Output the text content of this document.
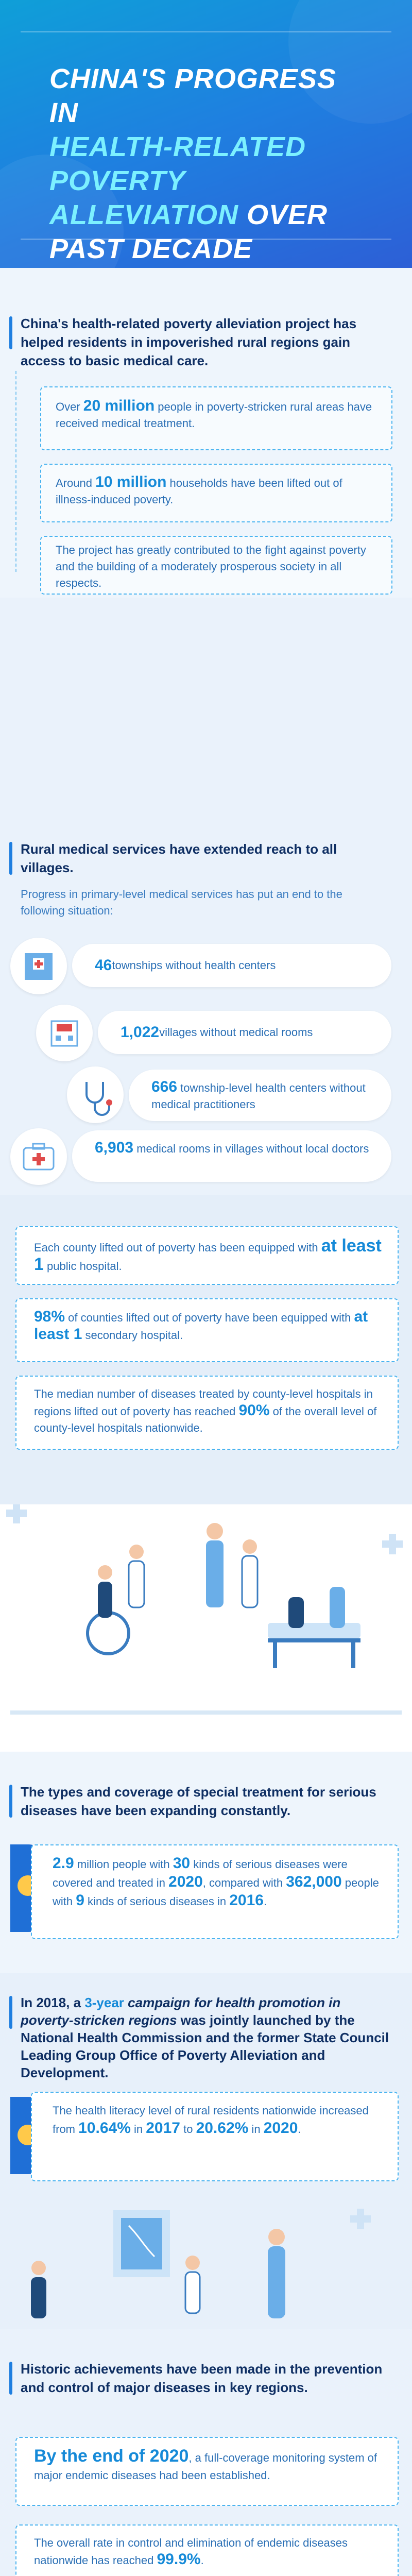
CHINA'S PROGRESS IN
HEALTH-RELATED POVERTY
ALLEVIATION OVER
PAST DECADE
China's health-related poverty alleviation project has helped residents in impoverished rural regions gain access to basic medical care.
Over 20 million people in poverty-stricken rural areas have received medical treatment.
Around 10 million households have been lifted out of illness-induced poverty.
The project has greatly contributed to the fight against poverty and the building of a moderately prosperous society in all respects.
Rural medical services have extended reach to all villages.
Progress in primary-level medical services has put an end to the following situation:
46 townships without health centers
1,022 villages without medical rooms
666 township-level health centers without medical practitioners
6,903 medical rooms in villages without local doctors
Each county lifted out of poverty has been equipped with at least 1 public hospital.
98% of counties lifted out of poverty have been equipped with at least 1 secondary hospital.
The median number of diseases treated by county-level hospitals in regions lifted out of poverty has reached 90% of the overall level of county-level hospitals nationwide.
The types and coverage of special treatment for serious diseases have been expanding constantly.
2.9 million people with 30 kinds of serious diseases were covered and treated in 2020, compared with 362,000 people with 9 kinds of serious diseases in 2016.
In 2018, a 3-year campaign for health promotion in poverty-stricken regions was jointly launched by the National Health Commission and the former State Council Leading Group Office of Poverty Alleviation and Development.
The health literacy level of rural residents nationwide increased from 10.64% in 2017 to 20.62% in 2020.
Historic achievements have been made in the prevention and control of major diseases in key regions.
By the end of 2020, a full-coverage monitoring system of major endemic diseases had been established.
The overall rate in control and elimination of endemic diseases nationwide has reached 99.9%.
